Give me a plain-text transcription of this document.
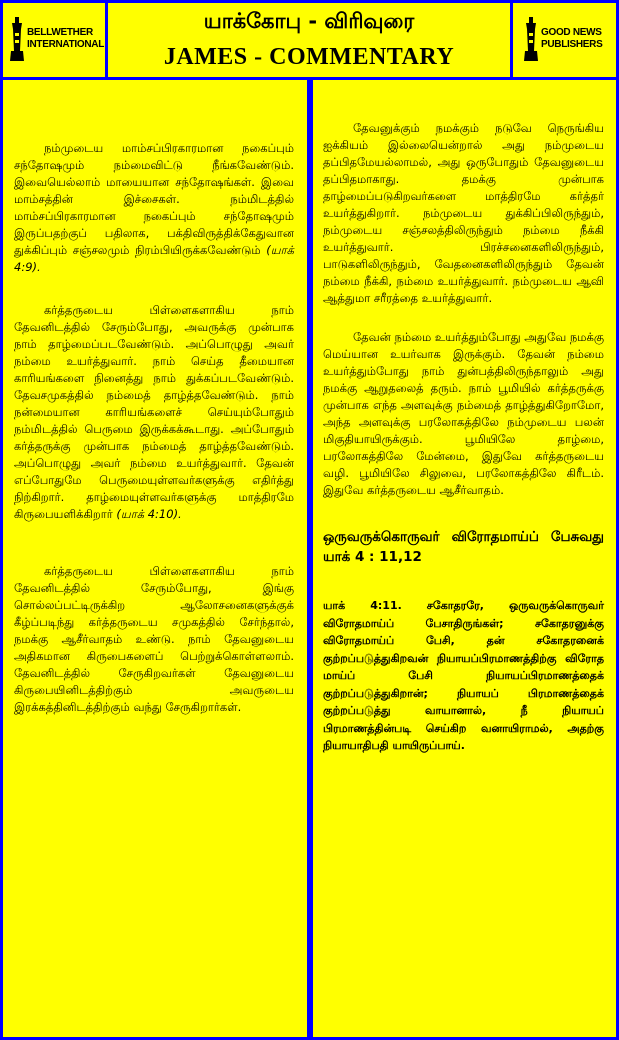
BELLWETHER
INTERNATIONAL
யாக்கோபு - விரிவுரை
JAMES - COMMENTARY
GOOD NEWS
PUBLISHERS

நம்முடைய மாம்சப்பிரகாரமான நகைப்பும் சந்தோஷமும் நம்மைவிட்டு நீங்கவேண்டும். இவையெல்லாம் மாயையான சந்தோஷங்கள். இவை மாம்சத்தின் இச்சைகள். நம்மிடத்தில் மாம்சப்பிரகாரமான நகைப்பும் சந்தோஷமும் இருப்பதற்குப் பதிலாக, பக்திவிருத்திக்கேதுவான துக்கிப்பும் சஞ்சலமும் நிரம்பியிருக்கவேண்டும் (யாக் 4:9).

கர்த்தருடைய பிள்ளைகளாகிய நாம் தேவனிடத்தில் சேரும்போது, அவருக்கு முன்பாக நாம் தாழ்மைப்படவேண்டும். அப்பொழுது அவர் நம்மை உயர்த்துவார். நாம் செய்த தீமையான காரியங்களை நினைத்து நாம் துக்கப்படவேண்டும். தேவசமுகத்தில் நம்மைத் தாழ்த்தவேண்டும். நாம் நன்மையான காரியங்களைச் செய்யும்போதும் நம்மிடத்தில் பெருமை இருக்கக்கூடாது. அப்போதும் கர்த்தருக்கு முன்பாக நம்மைத் தாழ்த்தவேண்டும். அப்பொழுது அவர் நம்மை உயர்த்துவார். தேவன் எப்போதுமே பெருமையுள்ளவர்களுக்கு எதிர்த்து நிற்கிறார். தாழ்மையுள்ளவர்களுக்கு மாத்திரமே கிருபையளிக்கிறார் (யாக் 4:10).

கர்த்தருடைய பிள்ளைகளாகிய நாம் தேவனிடத்தில் சேரும்போது, இங்கு சொல்லப்பட்டிருக்கிற ஆலோசனைகளுக்குக் கீழ்ப்படிந்து கர்த்தருடைய சமுகத்தில் சேர்ந்தால், நமக்கு ஆசீர்வாதம் உண்டு. நாம் தேவனுடைய அதிகமான கிருபைகளைப் பெற்றுக்கொள்ளலாம். தேவனிடத்தில் சேருகிறவர்கள் தேவனுடைய கிருபையினிடத்திற்கும் அவருடைய இரக்கத்தினிடத்திற்கும் வந்து சேருகிறார்கள்.

தேவனுக்கும் நமக்கும் நடுவே நெருங்கிய ஐக்கியம் இல்லையென்றால் அது நம்முடைய தப்பிதமேயல்லாமல், அது ஒருபோதும் தேவனுடைய தப்பிதமாகாது. தமக்கு முன்பாக தாழ்மைப்படுகிறவர்களை மாத்திரமே கர்த்தர் உயர்த்துகிறார். நம்முடைய துக்கிப்பிலிருந்தும், நம்முடைய சஞ்சலத்திலிருந்தும் நம்மை நீக்கி உயர்த்துவார். பிரச்சனைகளிலிருந்தும், பாடுகளிலிருந்தும், வேதனைகளிலிருந்தும் தேவன் நம்மை நீக்கி, நம்மை உயர்த்துவார். நம்முடைய ஆவி ஆத்துமா சரீரத்தை உயர்த்துவார்.

தேவன் நம்மை உயர்த்தும்போது அதுவே நமக்கு மெய்யான உயர்வாக இருக்கும். தேவன் நம்மை உயர்த்தும்போது நாம் துன்பத்திலிருந்தாலும் அது நமக்கு ஆறுதலைத் தரும். நாம் பூமியில் கர்த்தருக்கு முன்பாக எந்த அளவுக்கு நம்மைத் தாழ்த்துகிறோமோ, அந்த அளவுக்கு பரலோகத்திலே நம்முடைய பலன் மிகுதியாயிருக்கும். பூமியிலே தாழ்மை, பரலோகத்திலே மேன்மை, இதுவே கர்த்தருடைய வழி. பூமியிலே சிலுவை, பரலோகத்திலே கிரீடம். இதுவே கர்த்தருடைய ஆசீர்வாதம்.

ஒருவருக்கொருவர் விரோதமாய்ப் பேசுவது யாக் 4 : 11,12

யாக் 4:11. சகோதரரே, ஒருவருக்கொருவர் விரோதமாய்ப் பேசாதிருங்கள்; சகோதரனுக்கு விரோதமாய்ப் பேசி, தன் சகோதரனைக் குற்றப்படுத்துகிறவன் நியாயப்பிரமாணத்திற்கு விரோத மாய்ப் பேசி நியாயப்பிரமாணத்தைக் குற்றப்படுத்துகிறான்; நியாயப் பிரமாணத்தைக் குற்றப்படுத்து வாயானால், நீ நியாயப் பிரமாணத்தின்படி செய்கிற வனாயிராமல், அதற்கு நியாயாதிபதி யாயிருப்பாய்.
